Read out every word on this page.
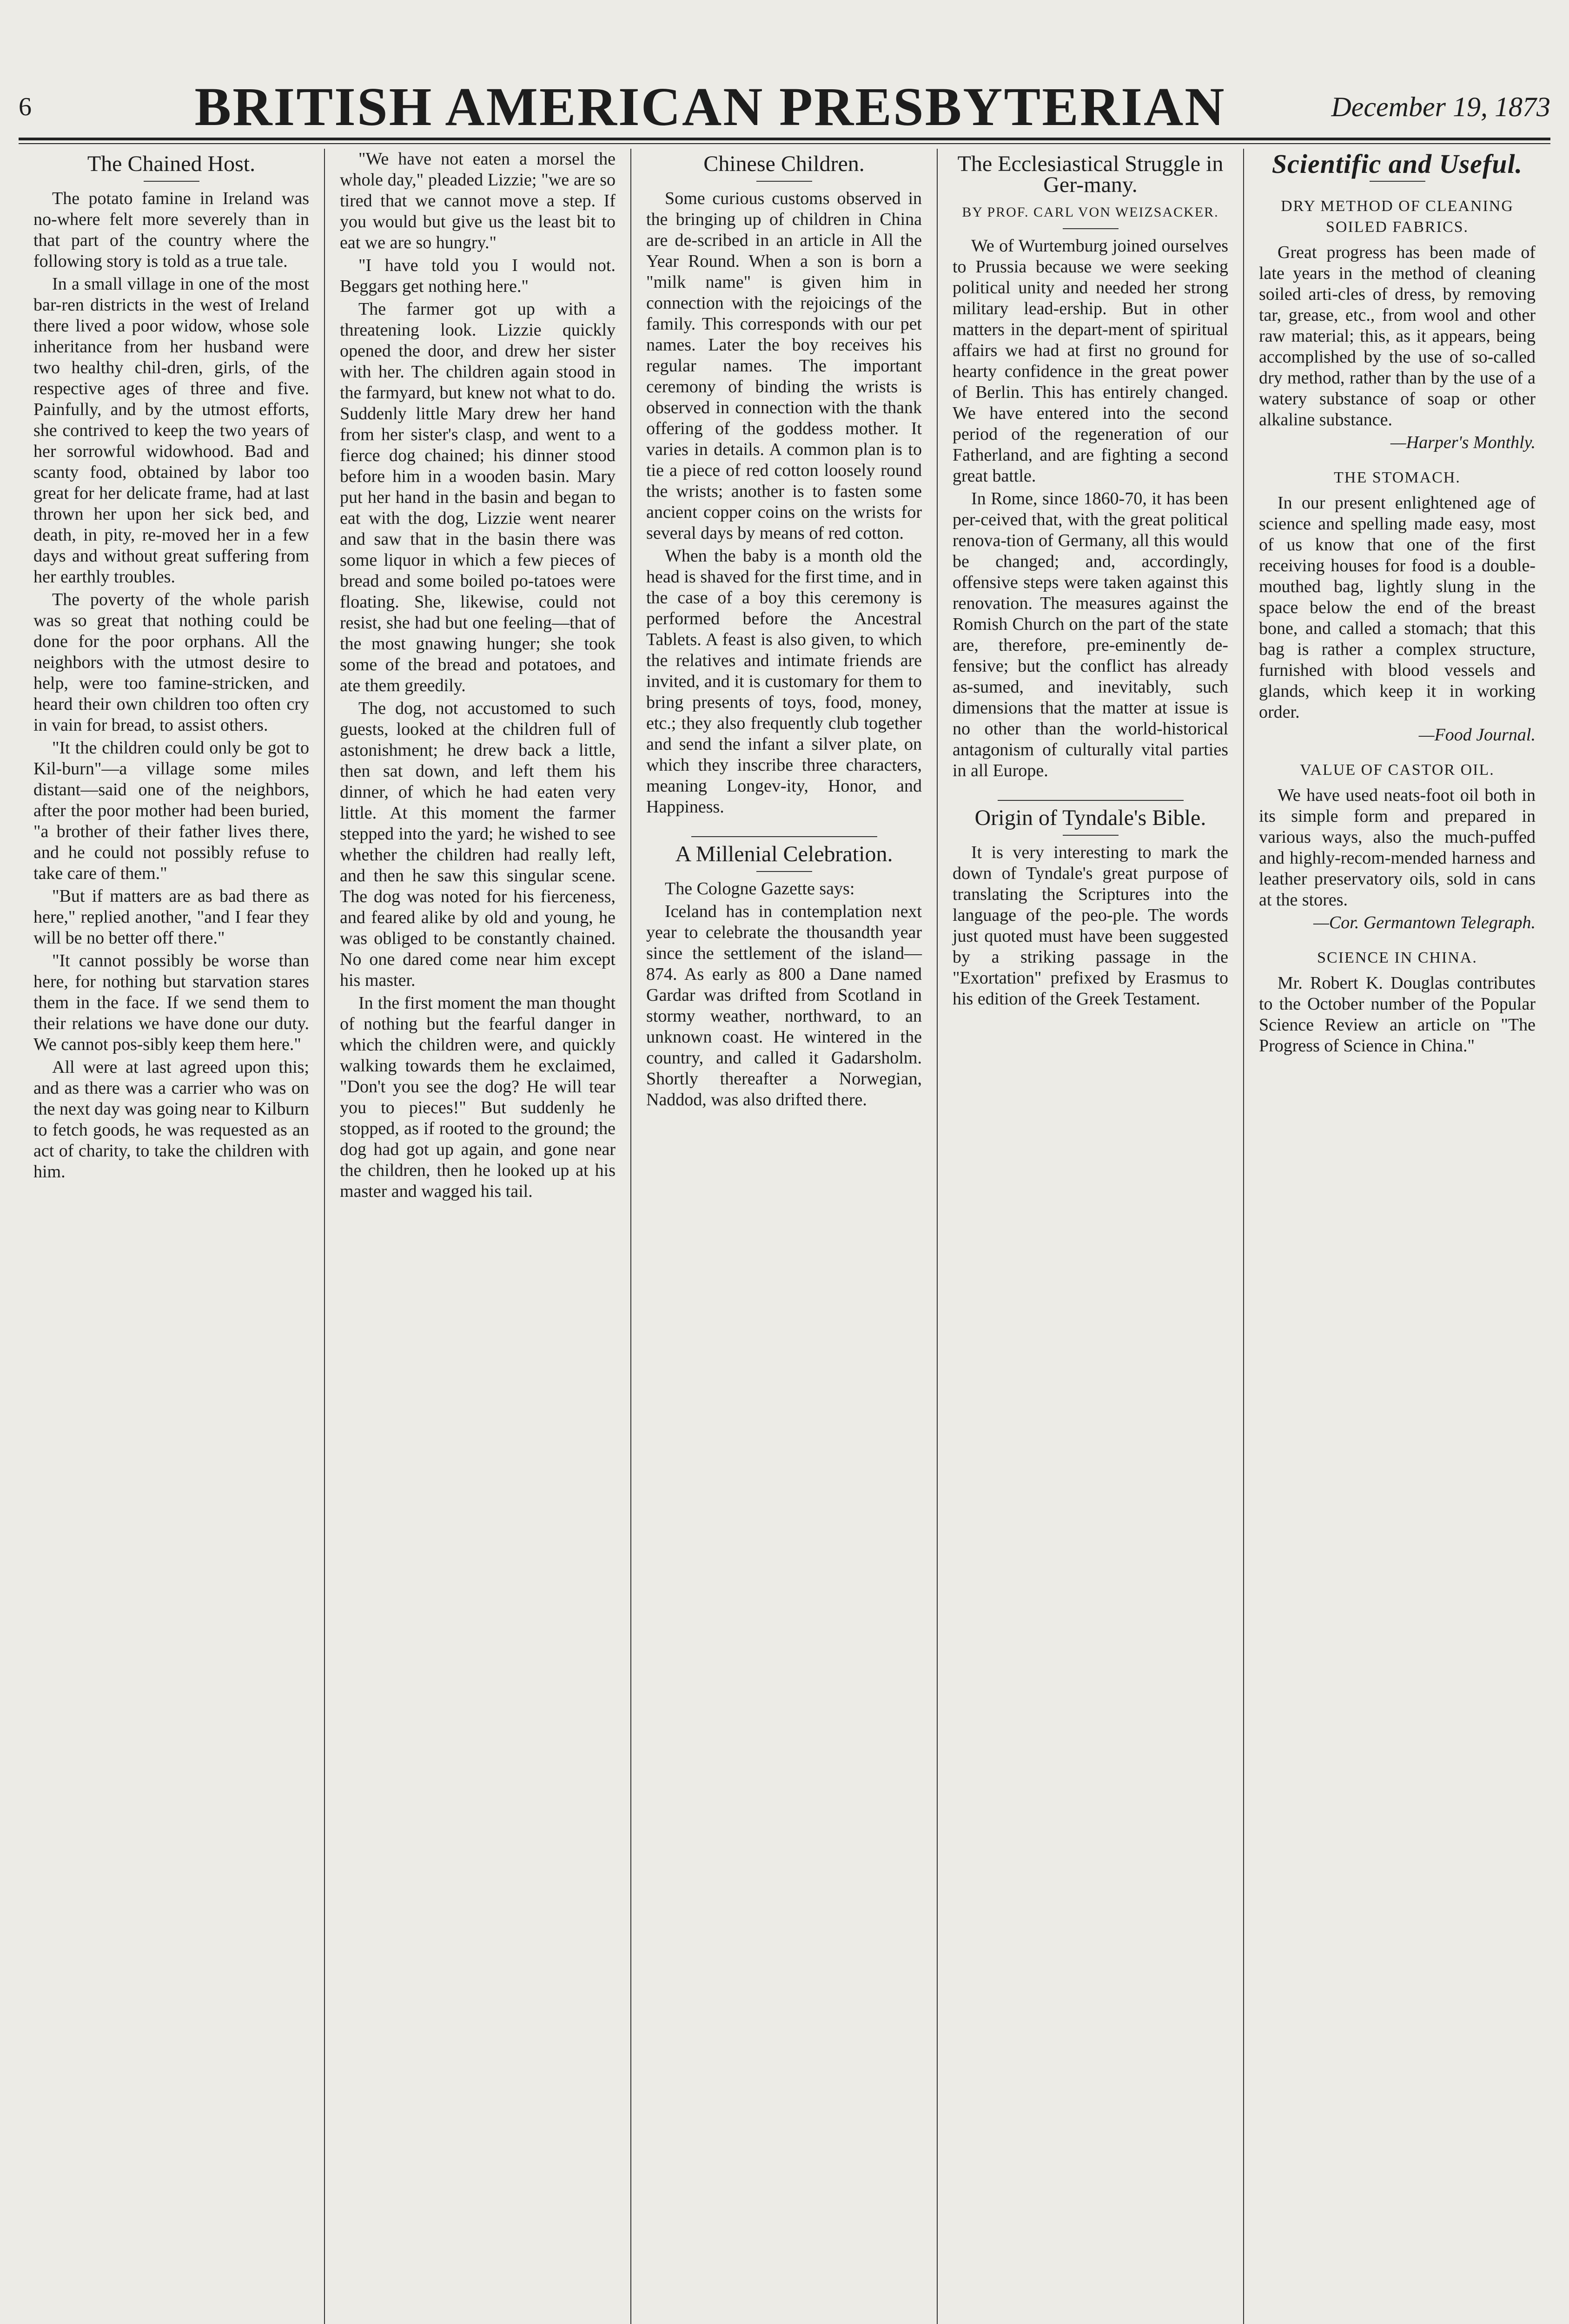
6	BRITISH AMERICAN PRESBYTERIAN	December 19, 1873
The Chained Host.

The potato famine in Ireland was no-where felt more severely than in that part of the country where the following story is told as a true tale.

In a small village in one of the most bar-ren districts in the west of Ireland there lived a poor widow, whose sole inheritance from her husband were two healthy chil-dren, girls, of the respective ages of three and five. Painfully, and by the utmost efforts, she contrived to keep the two years of her sorrowful widowhood. Bad and scanty food, obtained by labor too great for her delicate frame, had at last thrown her upon her sick bed, and death, in pity, re-moved her in a few days and without great suffering from her earthly troubles.

The poverty of the whole parish was so great that nothing could be done for the poor orphans. All the neighbors with the utmost desire to help, were too famine-stricken, and heard their own children too often cry in vain for bread, to assist others.

"It the children could only be got to Kil-burn"—a village some miles distant—said one of the neighbors, after the poor mother had been buried, "a brother of their father lives there, and he could not possibly refuse to take care of them."

"But if matters are as bad there as here," replied another, "and I fear they will be no better off there."

"It cannot possibly be worse than here, for nothing but starvation stares them in the face. If we send them to their relations we have done our duty. We cannot pos-sibly keep them here."

All were at last agreed upon this; and as there was a carrier who was on the next day was going near to Kilburn to fetch goods, he was requested as an act of charity, to take the children with him.

"We have not eaten a morsel the whole day," pleaded Lizzie; "we are so tired that we cannot move a step. If you would but give us the least bit to eat we are so hungry."

"I have told you I would not. Beggars get nothing here."

The farmer got up with a threatening look. Lizzie quickly opened the door, and drew her sister with her. The children again stood in the farmyard, but knew not what to do. Suddenly little Mary drew her hand from her sister's clasp, and went to a fierce dog chained; his dinner stood before him in a wooden basin. Mary put her hand in the basin and began to eat with the dog, Lizzie went nearer and saw that in the basin there was some liquor in which a few pieces of bread and some boiled po-tatoes were floating. She, likewise, could not resist, she had but one feeling—that of the most gnawing hunger; she took some of the bread and potatoes, and ate them greedily.

The dog, not accustomed to such guests, looked at the children full of astonishment; he drew back a little, then sat down, and left them his dinner, of which he had eaten very little. At this moment the farmer stepped into the yard; he wished to see whether the children had really left, and then he saw this singular scene. The dog was noted for his fierceness, and feared alike by old and young, he was obliged to be constantly chained. No one dared come near him except his master.

In the first moment the man thought of nothing but the fearful danger in which the children were, and quickly walking towards them he exclaimed, "Don't you see the dog? He will tear you to pieces!" But suddenly he stopped, as if rooted to the ground; the dog had got up again, and gone near the children, then he looked up at his master and wagged his tail.

Chinese Children.

Some curious customs observed in the bringing up of children in China are de-scribed in an article in All the Year Round. When a son is born a "milk name" is given him in connection with the rejoicings of the family. This corresponds with our pet names. Later the boy receives his regular names. The important ceremony of binding the wrists is observed in connection with the thank offering of the goddess mother. It varies in details. A common plan is to tie a piece of red cotton loosely round the wrists; another is to fasten some ancient copper coins on the wrists for several days by means of red cotton.

When the baby is a month old the head is shaved for the first time, and in the case of a boy this ceremony is performed before the Ancestral Tablets. A feast is also given, to which the relatives and intimate friends are invited, and it is customary for them to bring presents of toys, food, money, etc.; they also frequently club together and send the infant a silver plate, on which they inscribe three characters, meaning Longev-ity, Honor, and Happiness.

A Millenial Celebration.

The Cologne Gazette says:

Iceland has in contemplation next year to celebrate the thousandth year since the settlement of the island—874. As early as 800 a Dane named Gardar was drifted from Scotland in stormy weather, northward, to an unknown coast. He wintered in the country, and called it Gadarsholm. Shortly thereafter a Norwegian, Naddod, was also drifted there.

The Ecclesiastical Struggle in Ger-many.
BY PROF. CARL VON WEIZSACKER.

We of Wurtemburg joined ourselves to Prussia because we were seeking political unity and needed her strong military lead-ership. But in other matters in the depart-ment of spiritual affairs we had at first no ground for hearty confidence in the great power of Berlin. This has entirely changed. We have entered into the second period of the regeneration of our Fatherland, and are fighting a second great battle.

In Rome, since 1860-70, it has been per-ceived that, with the great political renova-tion of Germany, all this would be changed; and, accordingly, offensive steps were taken against this renovation. The measures against the Romish Church on the part of the state are, therefore, pre-eminently de-fensive; but the conflict has already as-sumed, and inevitably, such dimensions that the matter at issue is no other than the world-historical antagonism of culturally vital parties in all Europe.

Origin of Tyndale's Bible.

It is very interesting to mark the down of Tyndale's great purpose of translating the Scriptures into the language of the peo-ple. The words just quoted must have been suggested by a striking passage in the "Exortation" prefixed by Erasmus to his edition of the Greek Testament.

Scientific and Useful.
DRY METHOD OF CLEANING SOILED FABRICS.

Great progress has been made of late years in the method of cleaning soiled arti-cles of dress, by removing tar, grease, etc., from wool and other raw material; this, as it appears, being accomplished by the use of so-called dry method, rather than by the use of a watery substance of soap or other alkaline substance.

—Harper's Monthly.

THE STOMACH.

In our present enlightened age of science and spelling made easy, most of us know that one of the first receiving houses for food is a double-mouthed bag, lightly slung in the space below the end of the breast bone, and called a stomach; that this bag is rather a complex structure, furnished with blood vessels and glands, which keep it in working order.

—Food Journal.

VALUE OF CASTOR OIL.

We have used neats-foot oil both in its simple form and prepared in various ways, also the much-puffed and highly-recom-mended harness and leather preservatory oils, sold in cans at the stores.

—Cor. Germantown Telegraph.

SCIENCE IN CHINA.

Mr. Robert K. Douglas contributes to the October number of the Popular Science Review an article on "The Progress of Science in China."
